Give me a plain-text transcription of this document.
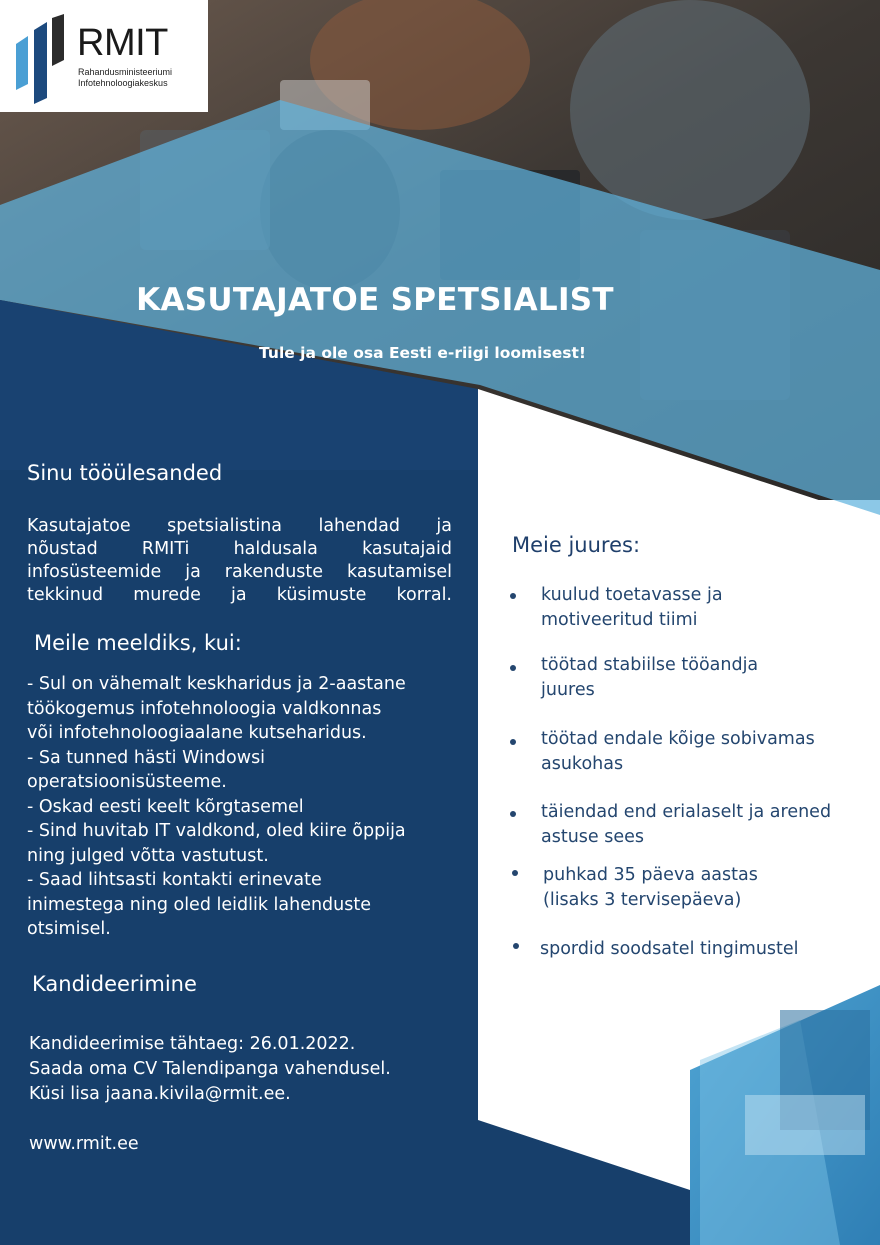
RMIT
Rahandusministeeriumi
Infotehnoloogiakeskus
KASUTAJATOE SPETSIALIST
Tule ja ole osa Eesti e-riigi loomisest!
Sinu tööülesanded
Kasutajatoe spetsialistina lahendad ja
nõustad RMITi haldusala kasutajaid
infosüsteemide ja rakenduste kasutamisel
tekkinud murede ja küsimuste korral.
Meile meeldiks, kui:
- Sul on vähemalt keskharidus ja 2-aastane
töökogemus infotehnoloogia valdkonnas
või infotehnoloogiaalane kutseharidus.
- Sa tunned hästi Windowsi
operatsioonisüsteeme.
- Oskad eesti keelt kõrgtasemel
- Sind huvitab IT valdkond, oled kiire õppija
ning julged võtta vastutust.
- Saad lihtsasti kontakti erinevate
inimestega ning oled leidlik lahenduste
otsimisel.
Kandideerimine
Kandideerimise tähtaeg: 26.01.2022.
Saada oma CV Talendipanga vahendusel.
Küsi lisa jaana.kivila@rmit.ee.
www.rmit.ee
Meie juures:
kuulud toetavasse ja
motiveeritud tiimi
töötad stabiilse tööandja
juures
töötad endale kõige sobivamas
asukohas
täiendad end erialaselt ja arened
astuse sees
puhkad 35 päeva aastas
(lisaks 3 tervisepäeva)
spordid soodsatel tingimustel
